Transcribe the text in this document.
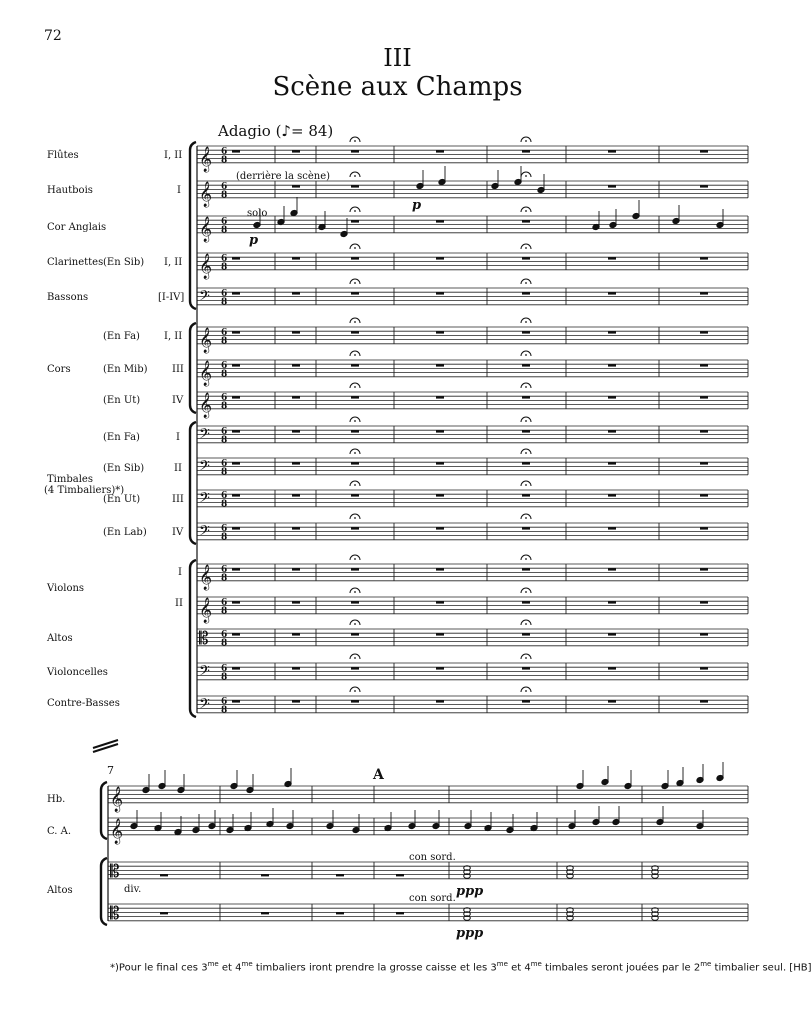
72
III
Scène aux Champs
Adagio (♪= 84)
Flûtes	I, II
Hautbois	I
Cor Anglais
Clarinettes (En Sib) I, II
Bassons	[I-IV]
(En Fa) I, II
Cors	(En Mib) III
(En Ut)	IV
(En Fa)	I
(En Sib)	II
Timbales
(4 Timbaliers)*)
(En Ut)	III
(En Lab)	IV
I
Violons
II
Altos
Violoncelles
Contre-Basses
(derrière la scène)
solo
p
p
7	A
Hb.
C. A.
Altos	div.
con sord.
con sord. ppp
ppp
*)Pour le final ces $3^{me}$ et $4^{me}$ timbaliers iront prendre la grosse caisse et les $3^{me}$ et $4^{me}$ timbales seront jouées par le $2^{me}$ timbalier seul. [HB]
𝄞 6
8
𝄞 6
8
𝄞 6
8
𝄞 6
8
𝄢 6
8
𝄞 6
8
𝄞 6
8
𝄞 6
8
𝄢 6
8
𝄢 6
8
𝄢 6
8
𝄢 6
8
𝄞 6
8
𝄞 6
8
𝄡 6
8
𝄢 6
8
𝄢 6
8
𝄞
𝄞
𝄡
𝄡
